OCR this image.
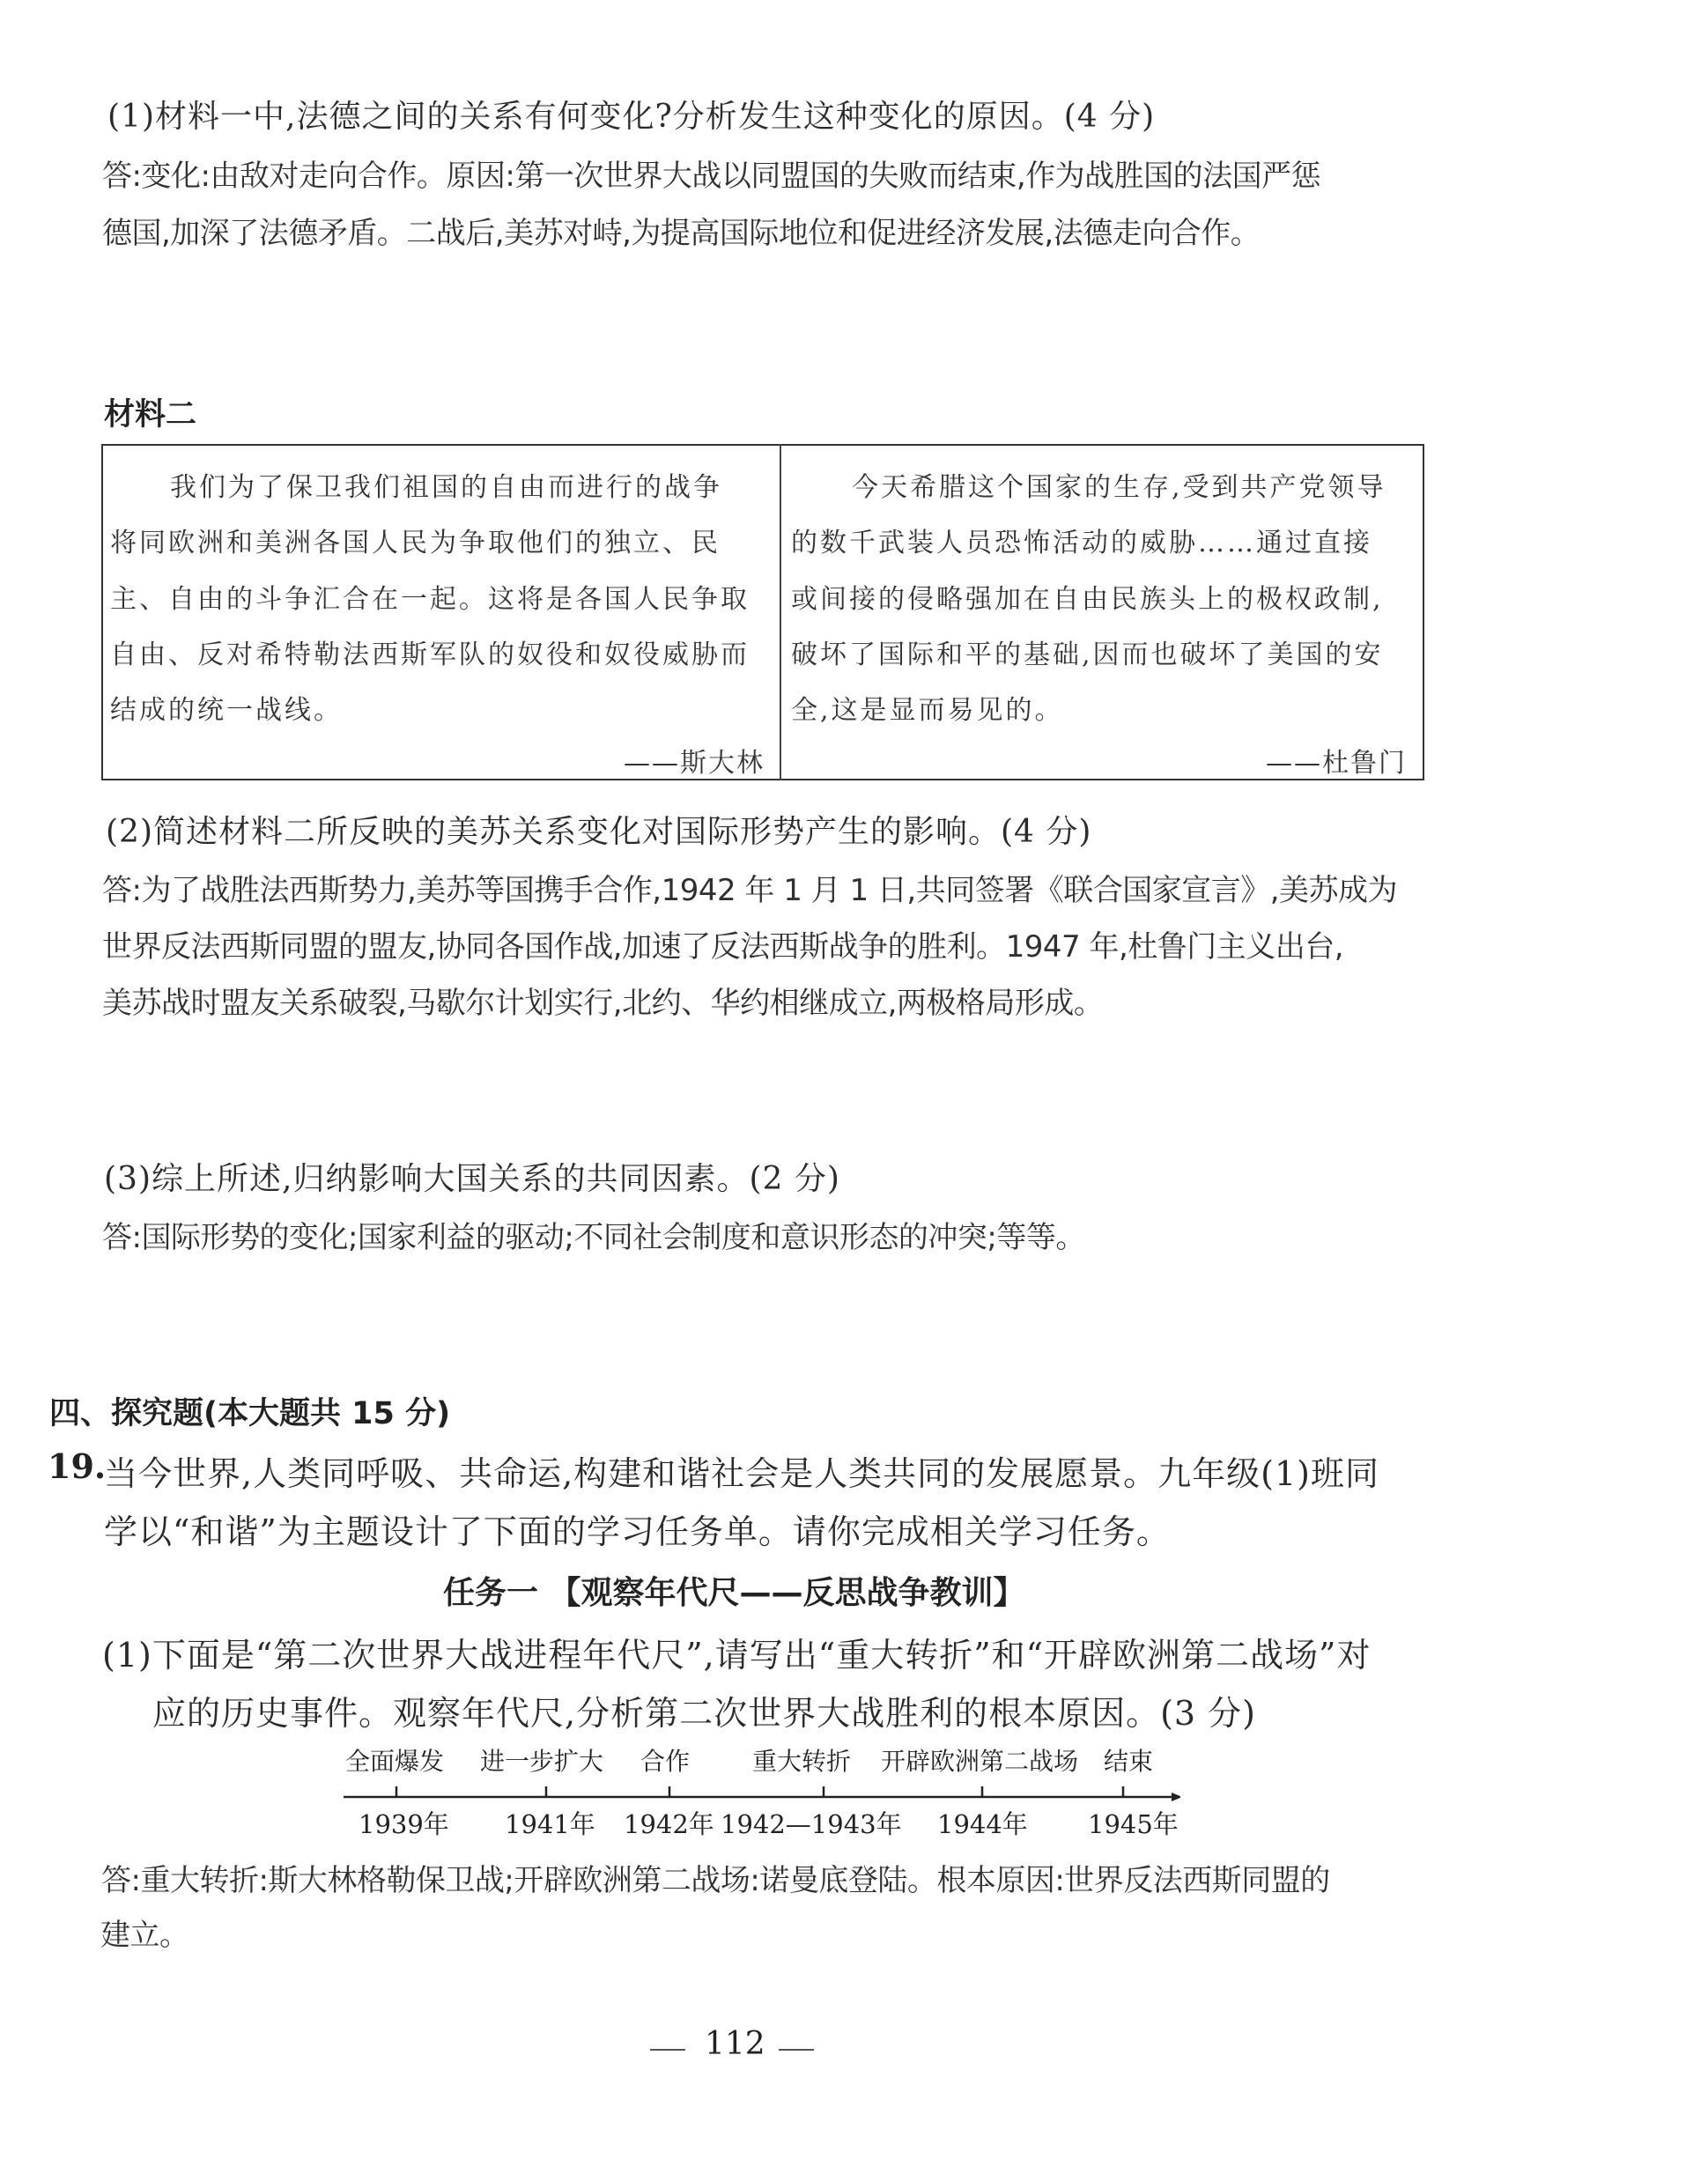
(1)材料一中,法德之间的关系有何变化?分析发生这种变化的原因。(4 分)
答:变化:由敌对走向合作。原因:第一次世界大战以同盟国的失败而结束,作为战胜国的法国严惩
德国,加深了法德矛盾。二战后,美苏对峙,为提高国际地位和促进经济发展,法德走向合作。
材料二
我们为了保卫我们祖国的自由而进行的战争
将同欧洲和美洲各国人民为争取他们的独立、民
主、自由的斗争汇合在一起。这将是各国人民争取
自由、反对希特勒法西斯军队的奴役和奴役威胁而
结成的统一战线。
——斯大林
今天希腊这个国家的生存,受到共产党领导
的数千武装人员恐怖活动的威胁……通过直接
或间接的侵略强加在自由民族头上的极权政制,
破坏了国际和平的基础,因而也破坏了美国的安
全,这是显而易见的。
——杜鲁门
(2)简述材料二所反映的美苏关系变化对国际形势产生的影响。(4 分)
答:为了战胜法西斯势力,美苏等国携手合作,1942 年 1 月 1 日,共同签署《联合国家宣言》,美苏成为
世界反法西斯同盟的盟友,协同各国作战,加速了反法西斯战争的胜利。1947 年,杜鲁门主义出台,
美苏战时盟友关系破裂,马歇尔计划实行,北约、华约相继成立,两极格局形成。
(3)综上所述,归纳影响大国关系的共同因素。(2 分)
答:国际形势的变化;国家利益的驱动;不同社会制度和意识形态的冲突;等等。
四、探究题(本大题共 15 分)
19.
当今世界,人类同呼吸、共命运,构建和谐社会是人类共同的发展愿景。九年级(1)班同
学以“和谐”为主题设计了下面的学习任务单。请你完成相关学习任务。
任务一 【观察年代尺——反思战争教训】
(1)下面是“第二次世界大战进程年代尺”,请写出“重大转折”和“开辟欧洲第二战场”对
应的历史事件。观察年代尺,分析第二次世界大战胜利的根本原因。(3 分)
全面爆发 进一步扩大 合作	重大转折 开辟欧洲第二战场 结束
1939年 1941年 1942年 1942—1943年 1944年 1945年
答:重大转折:斯大林格勒保卫战;开辟欧洲第二战场:诺曼底登陆。根本原因:世界反法西斯同盟的
建立。
112
